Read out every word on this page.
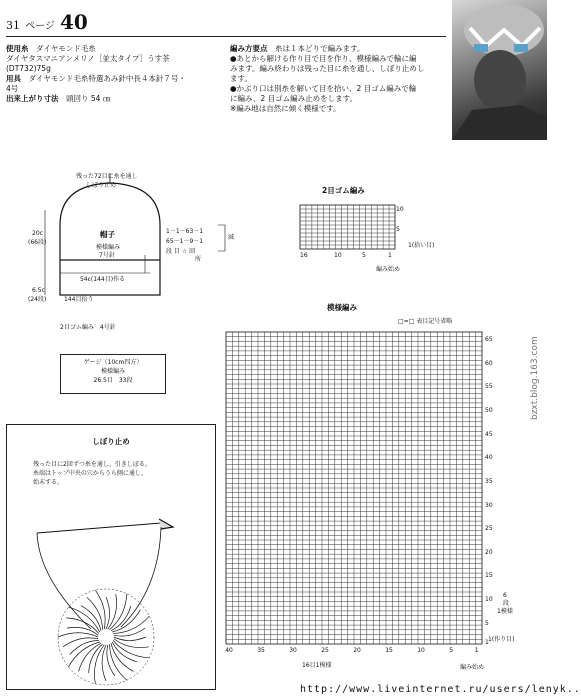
31 ページ 40
使用糸　 ダイヤモンド毛糸
ダイヤタスマニアンメリノ［並太タイプ］うす茶
(DT732)75g
用具　 ダイヤモンド毛糸特選あみ針中長４本針７号・
4号
出来上がり寸法　 頭回り 54 ㎝
編み方要点　 糸は１本どりで編みます。
●あとから解ける作り目で目を作り、模様編みで輪に編
みます。編み終わりは残った目に糸を通し、しぼり止めし
ます。
●かぶり口は別糸を解いて目を拾い、2 目ゴム編みで輪
に編み、2 目ゴム編み止めをします。
※編み地は自然に傾く模様です。
残った72目に糸を通し
しぼり止め
帽子
模様編み
7号針
20c
(66段)
1－1－63－1
65－1－9－1
段 目 ☆ 回
所
減
54c(144目)作る
6.5c
(24段)	144目拾う
2目ゴム編み　4号針
ゲージ（10cm四方）
模様編み
26.5目　33段
2目ゴム編み
10
5
1(拾い目)
16	10	5	1
編み始め
模様編み
□=□ 表目記号省略
65
60
55
50
45
40
35
30
25
20
15
10
5
1
40	35	30	25	20	15	10	5	1
6
段
1模様
1(作り目)
16目1模様	編み始め
しぼり止め
残った目に2回ずつ糸を通し、引きしぼる。
糸端はトップ中央の穴からうら側に通し、
始末する。
http://www.liveinternet.ru/users/lenyk..
bzxt.blog.163.com
